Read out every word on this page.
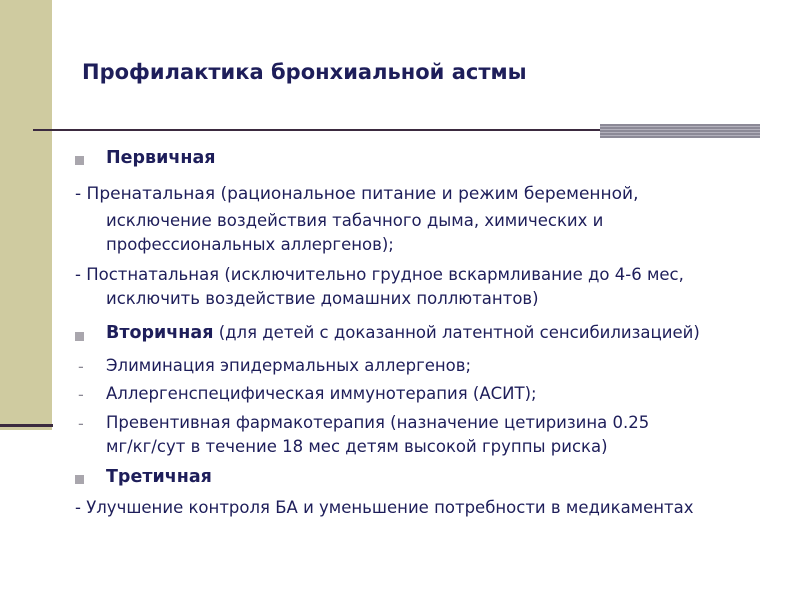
Профилактика бронхиальной астмы
Первичная
- Пренатальная (рациональное питание и режим беременной,
исключение воздействия табачного дыма, химических и
профессиональных аллергенов);
- Постнатальная (исключительно грудное вскармливание до 4-6 мес,
исключить воздействие домашних поллютантов)
Вторичная (для детей с доказанной латентной сенсибилизацией)
- Элиминация эпидермальных аллергенов;
- Аллергенспецифическая иммунотерапия (АСИТ);
- Превентивная фармакотерапия (назначение цетиризина 0.25
мг/кг/сут в течение 18 мес детям высокой группы риска)
Третичная
- Улучшение контроля БА и уменьшение потребности в медикаментах
